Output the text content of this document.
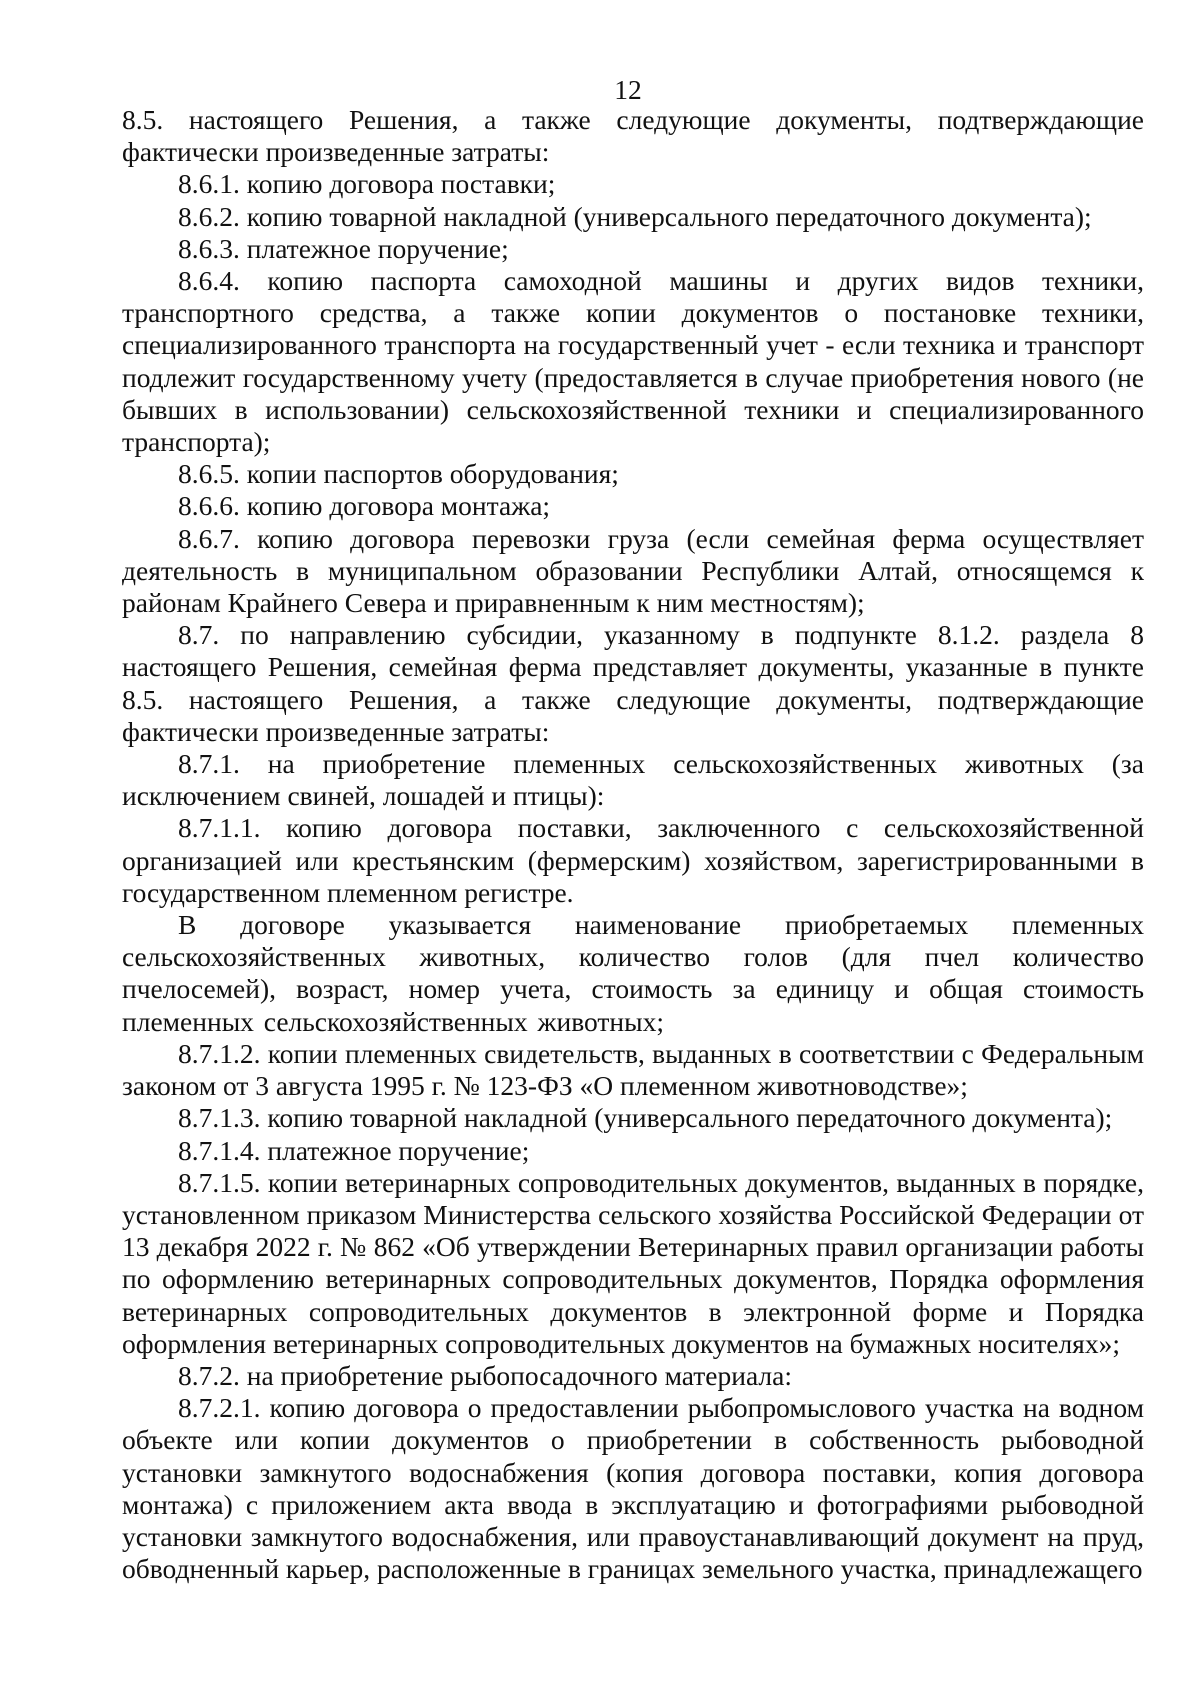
12

8.5. настоящего Решения, а также следующие документы, подтверждающие фактически произведенные затраты:

8.6.1. копию договора поставки;

8.6.2. копию товарной накладной (универсального передаточного документа);

8.6.3. платежное поручение;

8.6.4. копию паспорта самоходной машины и других видов техники, транспортного средства, а также копии документов о постановке техники, специализированного транспорта на государственный учет - если техника и транспорт подлежит государственному учету (предоставляется в случае приобретения нового (не бывших в использовании) сельскохозяйственной техники и специализированного транспорта);

8.6.5. копии паспортов оборудования;

8.6.6. копию договора монтажа;

8.6.7. копию договора перевозки груза (если семейная ферма осуществляет деятельность в муниципальном образовании Республики Алтай, относящемся к районам Крайнего Севера и приравненным к ним местностям);

8.7. по направлению субсидии, указанному в подпункте 8.1.2. раздела 8 настоящего Решения, семейная ферма представляет документы, указанные в пункте 8.5. настоящего Решения, а также следующие документы, подтверждающие фактически произведенные затраты:

8.7.1. на приобретение племенных сельскохозяйственных животных (за исключением свиней, лошадей и птицы):

8.7.1.1. копию договора поставки, заключенного с сельскохозяйственной организацией или крестьянским (фермерским) хозяйством, зарегистрированными в государственном племенном регистре.

В договоре указывается наименование приобретаемых племенных сельскохозяйственных животных, количество голов (для пчел количество пчелосемей), возраст, номер учета, стоимость за единицу и общая стоимость племенных сельскохозяйственных животных;

8.7.1.2. копии племенных свидетельств, выданных в соответствии с Федеральным законом от 3 августа 1995 г. № 123-ФЗ «О племенном животноводстве»;

8.7.1.3. копию товарной накладной (универсального передаточного документа);

8.7.1.4. платежное поручение;

8.7.1.5. копии ветеринарных сопроводительных документов, выданных в порядке, установленном приказом Министерства сельского хозяйства Российской Федерации от 13 декабря 2022 г. № 862 «Об утверждении Ветеринарных правил организации работы по оформлению ветеринарных сопроводительных документов, Порядка оформления ветеринарных сопроводительных документов в электронной форме и Порядка оформления ветеринарных сопроводительных документов на бумажных носителях»;

8.7.2. на приобретение рыбопосадочного материала:

8.7.2.1. копию договора о предоставлении рыбопромыслового участка на водном объекте или копии документов о приобретении в собственность рыбоводной установки замкнутого водоснабжения (копия договора поставки, копия договора монтажа) с приложением акта ввода в эксплуатацию и фотографиями рыбоводной установки замкнутого водоснабжения, или правоустанавливающий документ на пруд, обводненный карьер, расположенные в границах земельного участка, принадлежащего
